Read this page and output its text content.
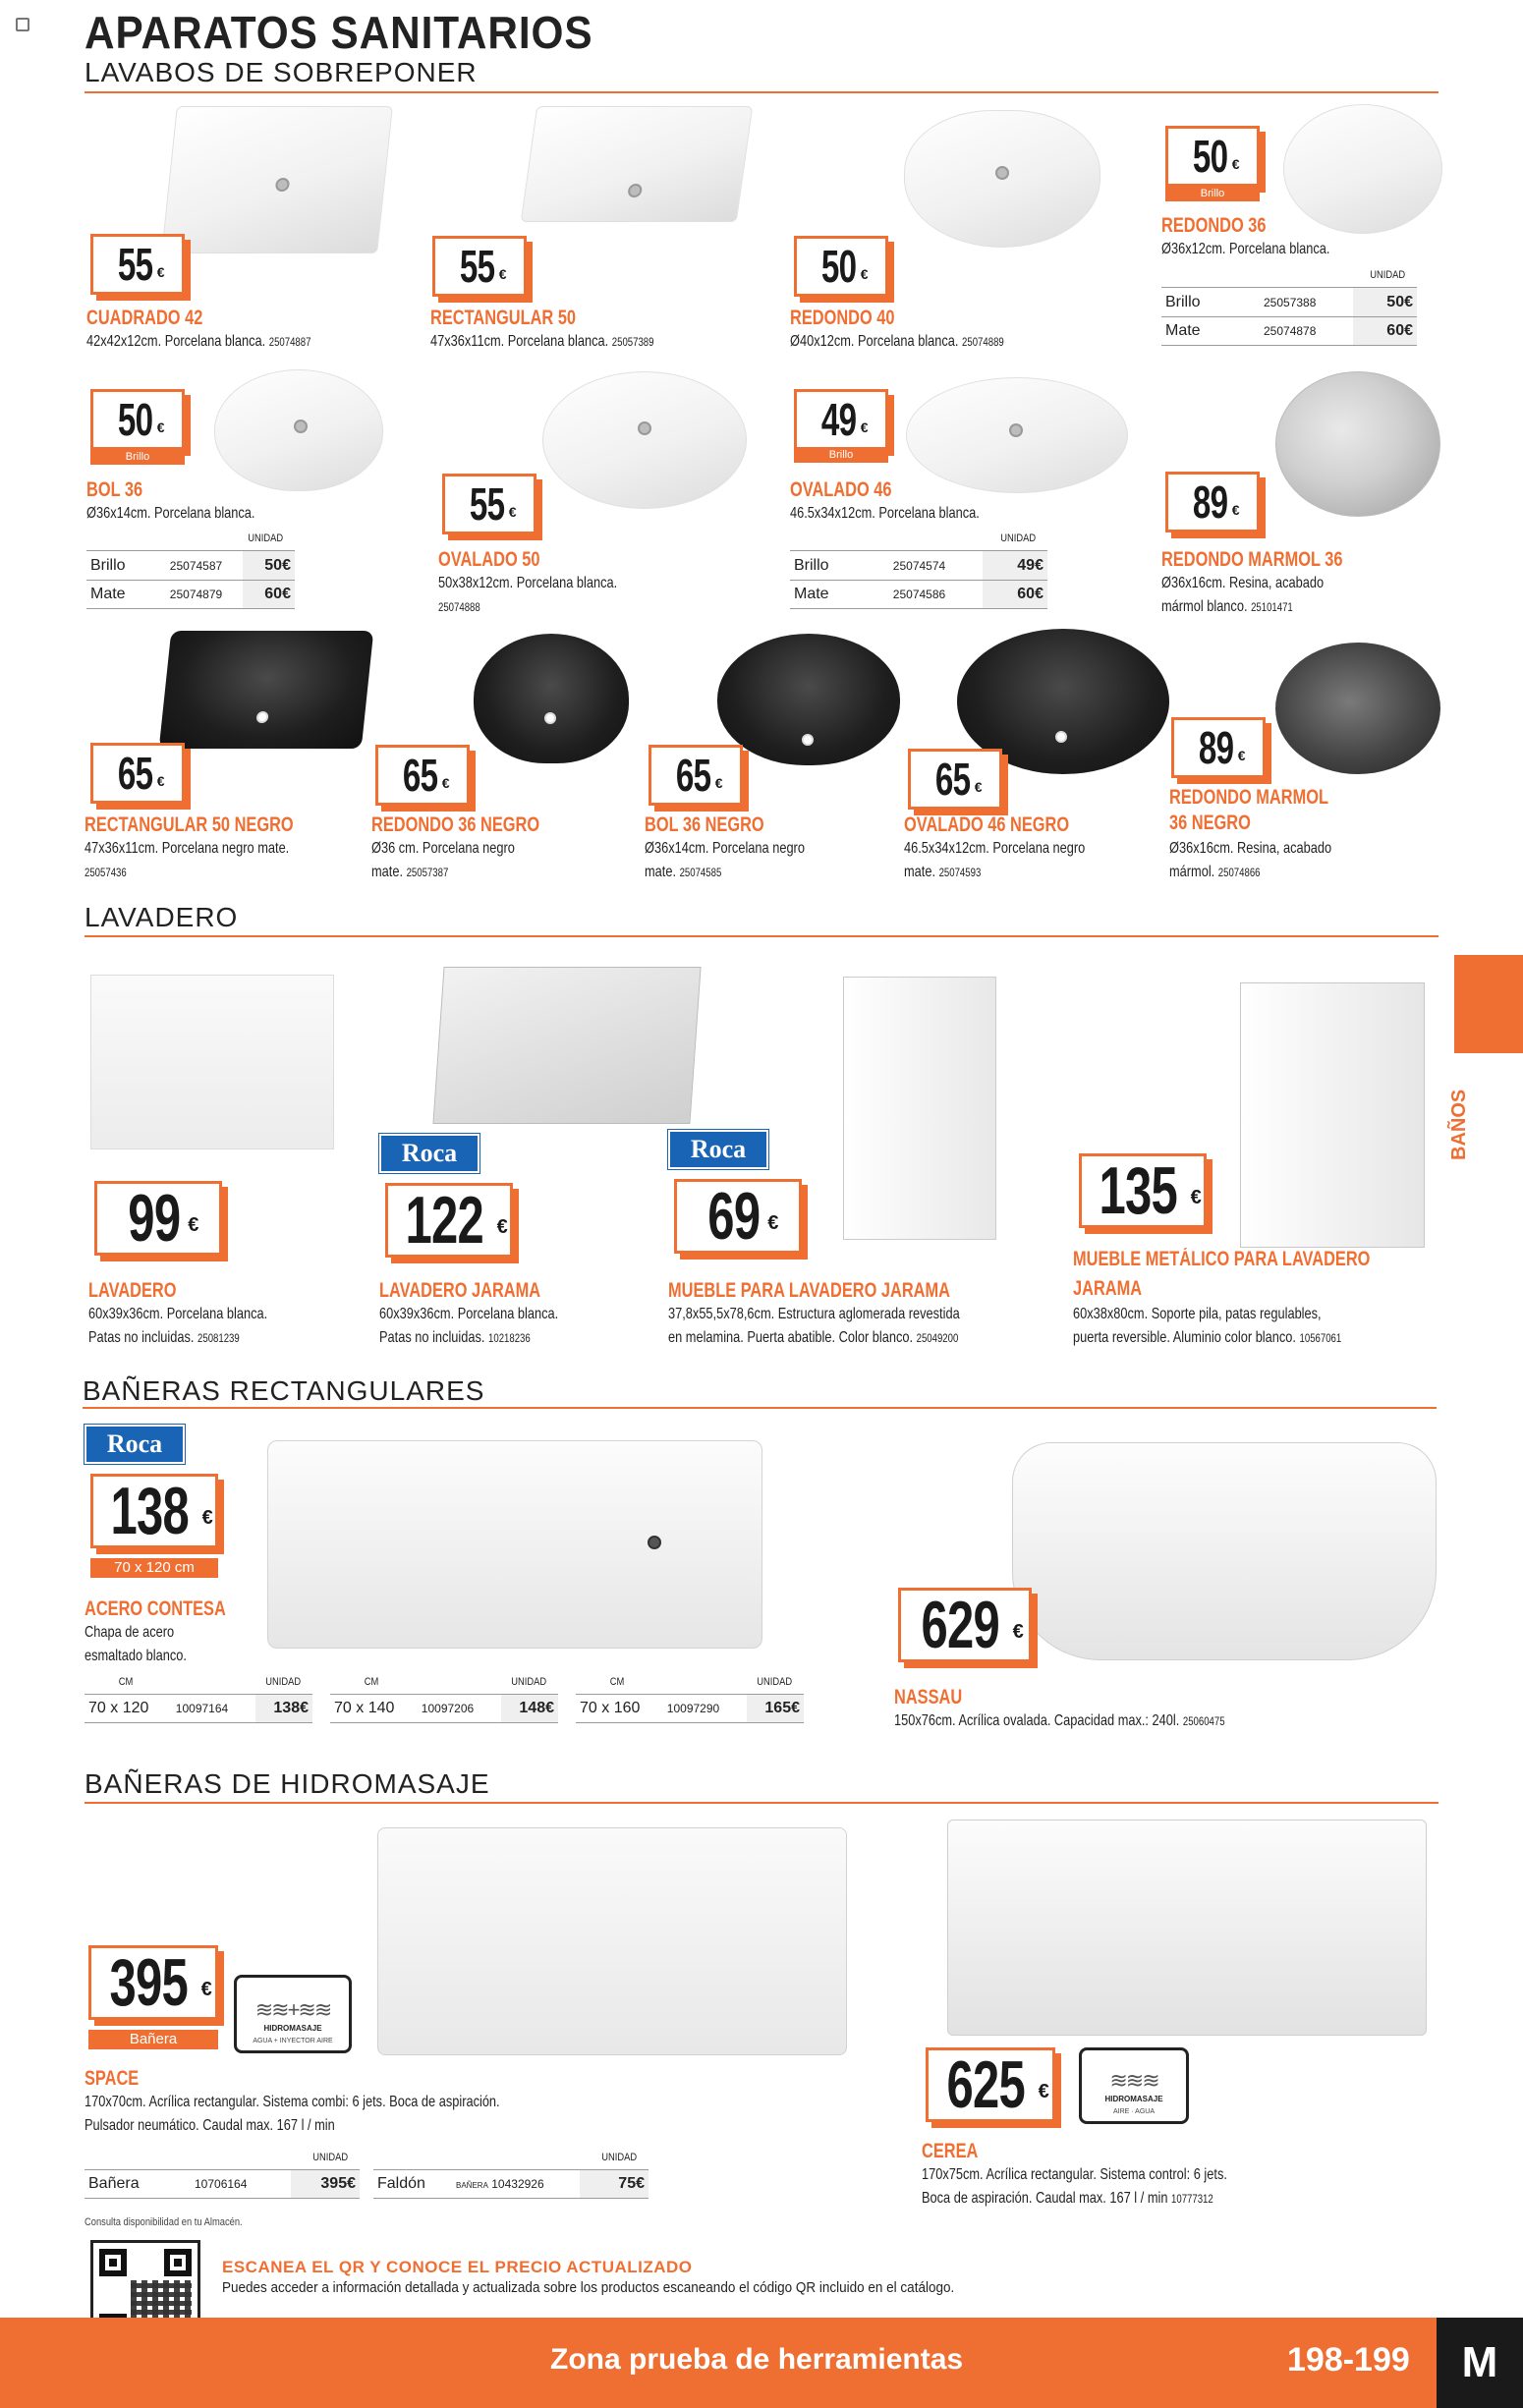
APARATOS SANITARIOS
LAVABOS DE SOBREPONER
55 €
CUADRADO 42
42x42x12cm. Porcelana blanca. 25074887
55 €
RECTANGULAR 50
47x36x11cm. Porcelana blanca. 25057389
50 €
REDONDO 40
Ø40x12cm. Porcelana blanca. 25074889
50 €
Brillo
REDONDO 36
Ø36x12cm. Porcelana blanca.
UNIDAD
Brillo	25057388	50€
Mate	25074878	60€
50 €
Brillo
BOL 36
Ø36x14cm. Porcelana blanca.
UNIDAD
Brillo	25074587	50€
Mate	25074879	60€
55 €
OVALADO 50
50x38x12cm. Porcelana blanca.
25074888
49 €
Brillo
OVALADO 46
46.5x34x12cm. Porcelana blanca.
UNIDAD
Brillo	25074574	49€
Mate	25074586	60€
89 €
REDONDO MARMOL 36
Ø36x16cm. Resina, acabado mármol blanco. 25101471
65 €
RECTANGULAR 50 NEGRO
47x36x11cm. Porcelana negro mate.
25057436
65 €
REDONDO 36 NEGRO
Ø36 cm. Porcelana negro mate. 25057387
65 €
BOL 36 NEGRO
Ø36x14cm. Porcelana negro mate. 25074585
65 €
OVALADO 46 NEGRO
46.5x34x12cm. Porcelana negro mate. 25074593
89 €
REDONDO MARMOL
36 NEGRO
Ø36x16cm. Resina, acabado mármol. 25074866
LAVADERO
99 €
LAVADERO
60x39x36cm. Porcelana blanca.
Patas no incluidas. 25081239
Roca
122 €
LAVADERO JARAMA
60x39x36cm. Porcelana blanca.
Patas no incluidas. 10218236
Roca
69 €
MUEBLE PARA LAVADERO JARAMA
37,8x55,5x78,6cm. Estructura aglomerada revestida
en melamina. Puerta abatible. Color blanco. 25049200
135 €
MUEBLE METÁLICO PARA LAVADERO
JARAMA
60x38x80cm. Soporte pila, patas regulables,
puerta reversible. Aluminio color blanco. 10567061
BAÑOS
BAÑERAS RECTANGULARES
Roca
138 €
70 x 120 cm
ACERO CONTESA
Chapa de acero
esmaltado blanco.
CM	UNIDAD
70 x 120	10097164	138€
CM	UNIDAD
70 x 140	10097206	148€
CM	UNIDAD
70 x 160	10097290	165€
629 €
NASSAU
150x76cm. Acrílica ovalada. Capacidad max.: 240l. 25060475
BAÑERAS DE HIDROMASAJE
395 €
Bañera
≋≋+≋≋
HIDROMASAJE
AGUA + INYECTOR AIRE
SPACE
170x70cm. Acrílica rectangular. Sistema combi: 6 jets. Boca de aspiración.
Pulsador neumático. Caudal max. 167 l / min
UNIDAD
Bañera	10706164	395€
UNIDAD
Faldón	BAÑERA 10432926	75€
625 €	≋≋≋
HIDROMASAJE
AIRE · AGUA
CEREA
170x75cm. Acrílica rectangular. Sistema control: 6 jets.
Boca de aspiración. Caudal max. 167 l / min 10777312
Consulta disponibilidad en tu Almacén.
ESCANEA EL QR Y CONOCE EL PRECIO ACTUALIZADO
Puedes acceder a información detallada y actualizada sobre los productos escaneando el código QR incluido en el catálogo.
Zona prueba de herramientas	198-199 M
